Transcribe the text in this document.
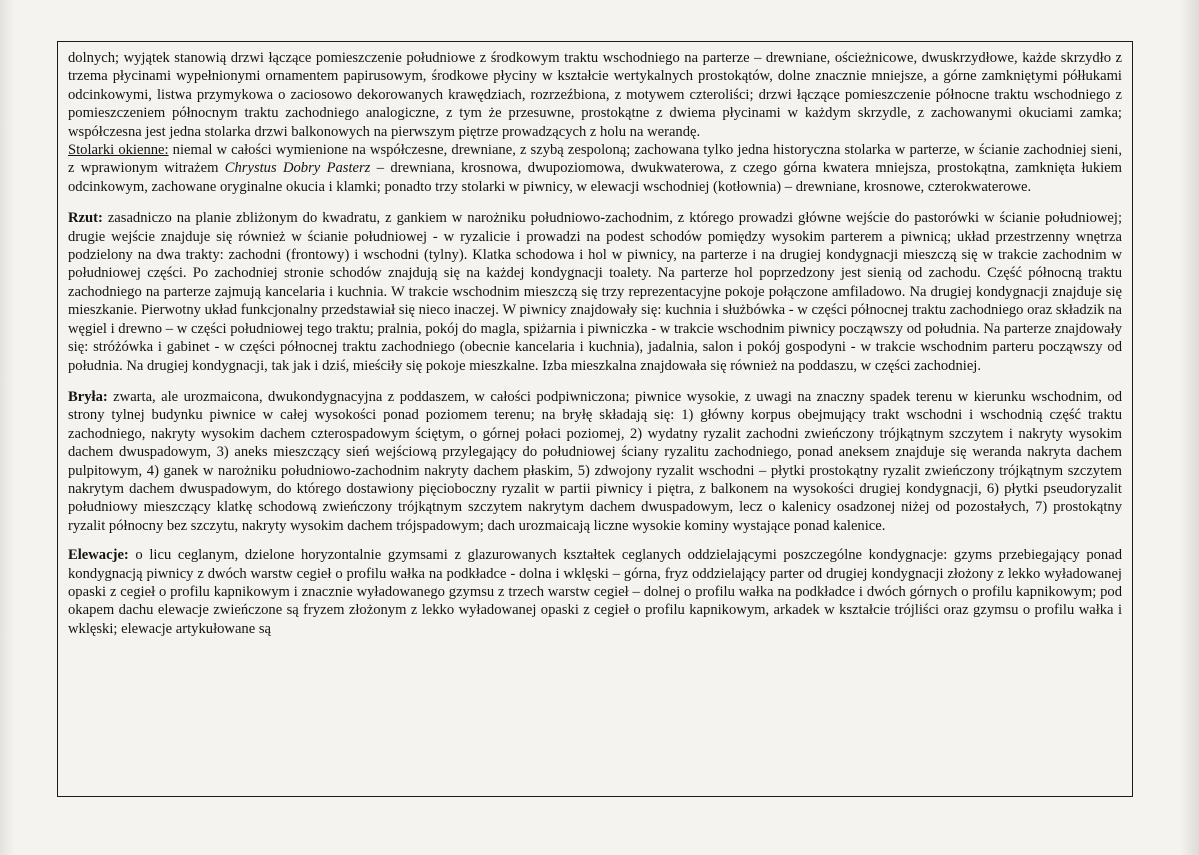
dolnych; wyjątek stanowią drzwi łączące pomieszczenie południowe z środkowym traktu wschodniego na parterze – drewniane, ościeżnicowe, dwuskrzydłowe, każde skrzydło z trzema płycinami wypełnionymi ornamentem papirusowym, środkowe płyciny w kształcie wertykalnych prostokątów, dolne znacznie mniejsze, a górne zamkniętymi półłukami odcinkowymi, listwa przymykowa o zaciosowo dekorowanych krawędziach, rozrzeźbiona, z motywem czteroliści; drzwi łączące pomieszczenie północne traktu wschodniego z pomieszczeniem północnym traktu zachodniego analogiczne, z tym że przesuwne, prostokątne z dwiema płycinami w każdym skrzydle, z zachowanymi okuciami zamka; współczesna jest jedna stolarka drzwi balkonowych na pierwszym piętrze prowadzących z holu na werandę.
Stolarki okienne: niemal w całości wymienione na współczesne, drewniane, z szybą zespoloną; zachowana tylko jedna historyczna stolarka w parterze, w ścianie zachodniej sieni, z wprawionym witrażem Chrystus Dobry Pasterz – drewniana, krosnowa, dwupoziomowa, dwukwaterowa, z czego górna kwatera mniejsza, prostokątna, zamknięta łukiem odcinkowym, zachowane oryginalne okucia i klamki; ponadto trzy stolarki w piwnicy, w elewacji wschodniej (kotłownia) – drewniane, krosnowe, czterokwaterowe.

Rzut: zasadniczo na planie zbliżonym do kwadratu, z gankiem w narożniku południowo-zachodnim, z którego prowadzi główne wejście do pastorówki w ścianie południowej; drugie wejście znajduje się również w ścianie południowej - w ryzalicie i prowadzi na podest schodów pomiędzy wysokim parterem a piwnicą; układ przestrzenny wnętrza podzielony na dwa trakty: zachodni (frontowy) i wschodni (tylny). Klatka schodowa i hol w piwnicy, na parterze i na drugiej kondygnacji mieszczą się w trakcie zachodnim w południowej części. Po zachodniej stronie schodów znajdują się na każdej kondygnacji toalety. Na parterze hol poprzedzony jest sienią od zachodu. Część północną traktu zachodniego na parterze zajmują kancelaria i kuchnia. W trakcie wschodnim mieszczą się trzy reprezentacyjne pokoje połączone amfiladowo. Na drugiej kondygnacji znajduje się mieszkanie. Pierwotny układ funkcjonalny przedstawiał się nieco inaczej. W piwnicy znajdowały się: kuchnia i służbówka - w części północnej traktu zachodniego oraz składzik na węgiel i drewno – w części południowej tego traktu; pralnia, pokój do magla, spiżarnia i piwniczka - w trakcie wschodnim piwnicy począwszy od południa. Na parterze znajdowały się: stróżówka i gabinet - w części północnej traktu zachodniego (obecnie kancelaria i kuchnia), jadalnia, salon i pokój gospodyni - w trakcie wschodnim parteru począwszy od południa. Na drugiej kondygnacji, tak jak i dziś, mieściły się pokoje mieszkalne. Izba mieszkalna znajdowała się również na poddaszu, w części zachodniej.

Bryła: zwarta, ale urozmaicona, dwukondygnacyjna z poddaszem, w całości podpiwniczona; piwnice wysokie, z uwagi na znaczny spadek terenu w kierunku wschodnim, od strony tylnej budynku piwnice w całej wysokości ponad poziomem terenu; na bryłę składają się: 1) główny korpus obejmujący trakt wschodni i wschodnią część traktu zachodniego, nakryty wysokim dachem czterospadowym ściętym, o górnej połaci poziomej, 2) wydatny ryzalit zachodni zwieńczony trójkątnym szczytem i nakryty wysokim dachem dwuspadowym, 3) aneks mieszczący sień wejściową przylegający do południowej ściany ryzalitu zachodniego, ponad aneksem znajduje się weranda nakryta dachem pulpitowym, 4) ganek w narożniku południowo-zachodnim nakryty dachem płaskim, 5) zdwojony ryzalit wschodni – płytki prostokątny ryzalit zwieńczony trójkątnym szczytem nakrytym dachem dwuspadowym, do którego dostawiony pięcioboczny ryzalit w partii piwnicy i piętra, z balkonem na wysokości drugiej kondygnacji, 6) płytki pseudoryzalit południowy mieszczący klatkę schodową zwieńczony trójkątnym szczytem nakrytym dachem dwuspadowym, lecz o kalenicy osadzonej niżej od pozostałych, 7) prostokątny ryzalit północny bez szczytu, nakryty wysokim dachem trójspadowym; dach urozmaicają liczne wysokie kominy wystające ponad kalenice.

Elewacje: o licu ceglanym, dzielone horyzontalnie gzymsami z glazurowanych kształtek ceglanych oddzielającymi poszczególne kondygnacje: gzyms przebiegający ponad kondygnacją piwnicy z dwóch warstw cegieł o profilu wałka na podkładce - dolna i wklęski – górna, fryz oddzielający parter od drugiej kondygnacji złożony z lekko wyładowanej opaski z cegieł o profilu kapnikowym i znacznie wyładowanego gzymsu z trzech warstw cegieł – dolnej o profilu wałka na podkładce i dwóch górnych o profilu kapnikowym; pod okapem dachu elewacje zwieńczone są fryzem złożonym z lekko wyładowanej opaski z cegieł o profilu kapnikowym, arkadek w kształcie trójliści oraz gzymsu o profilu wałka i wklęski; elewacje artykułowane są
